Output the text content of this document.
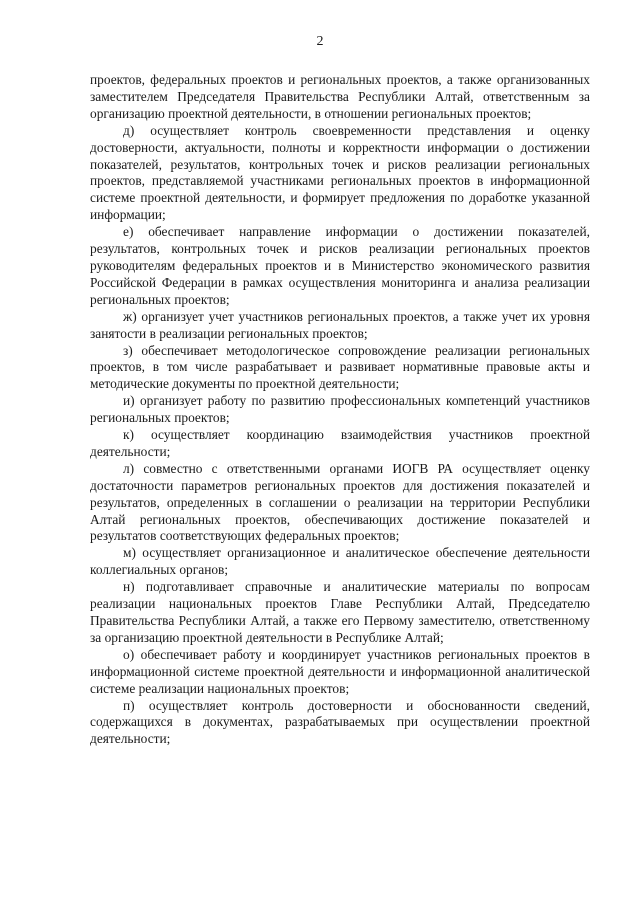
2

проектов, федеральных проектов и региональных проектов, а также организованных заместителем Председателя Правительства Республики Алтай, ответственным за организацию проектной деятельности, в отношении региональных проектов;

д) осуществляет контроль своевременности представления и оценку достоверности, актуальности, полноты и корректности информации о достижении показателей, результатов, контрольных точек и рисков реализации региональных проектов, представляемой участниками региональных проектов в информационной системе проектной деятельности, и формирует предложения по доработке указанной информации;

е) обеспечивает направление информации о достижении показателей, результатов, контрольных точек и рисков реализации региональных проектов руководителям федеральных проектов и в Министерство экономического развития Российской Федерации в рамках осуществления мониторинга и анализа реализации региональных проектов;

ж) организует учет участников региональных проектов, а также учет их уровня занятости в реализации региональных проектов;

з) обеспечивает методологическое сопровождение реализации региональных проектов, в том числе разрабатывает и развивает нормативные правовые акты и методические документы по проектной деятельности;

и) организует работу по развитию профессиональных компетенций участников региональных проектов;

к) осуществляет координацию взаимодействия участников проектной деятельности;

л) совместно с ответственными органами ИОГВ РА осуществляет оценку достаточности параметров региональных проектов для достижения показателей и результатов, определенных в соглашении о реализации на территории Республики Алтай региональных проектов, обеспечивающих достижение показателей и результатов соответствующих федеральных проектов;

м) осуществляет организационное и аналитическое обеспечение деятельности коллегиальных органов;

н) подготавливает справочные и аналитические материалы по вопросам реализации национальных проектов Главе Республики Алтай, Председателю Правительства Республики Алтай, а также его Первому заместителю, ответственному за организацию проектной деятельности в Республике Алтай;

о) обеспечивает работу и координирует участников региональных проектов в информационной системе проектной деятельности и информационной аналитической системе реализации национальных проектов;

п) осуществляет контроль достоверности и обоснованности сведений, содержащихся в документах, разрабатываемых при осуществлении проектной деятельности;
